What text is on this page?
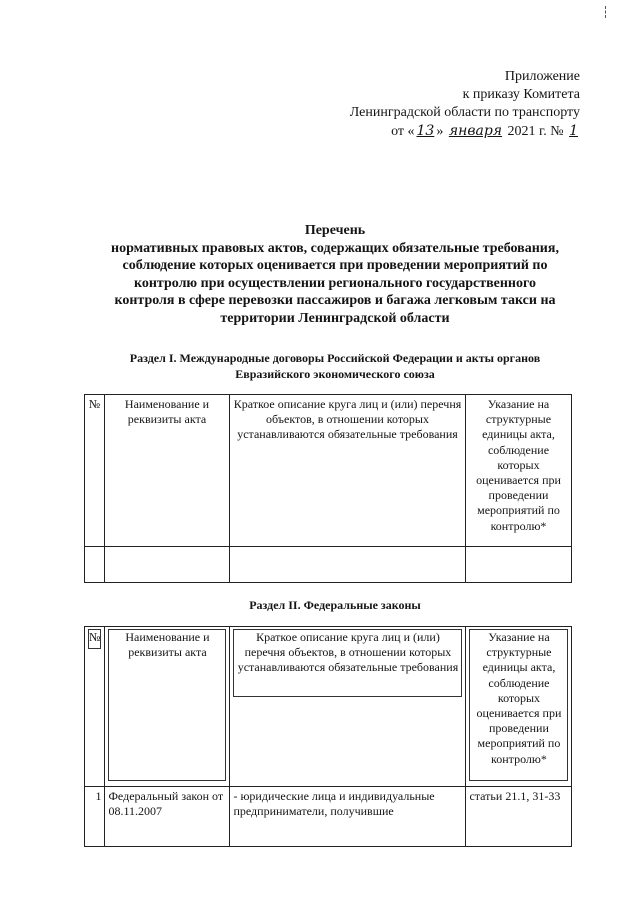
Приложение
к приказу Комитета
Ленинградской области по транспорту
от « 13 » января 2021 г. № 1
Перечень
нормативных правовых актов, содержащих обязательные требования,
соблюдение которых оценивается при проведении мероприятий по
контролю при осуществлении регионального государственного
контроля в сфере перевозки пассажиров и багажа легковым такси на
территории Ленинградской области
Раздел I. Международные договоры Российской Федерации и акты органов
Евразийского экономического союза
№	Наименование и реквизиты акта	Краткое описание круга лиц и (или) перечня объектов, в отношении которых устанавливаются обязательные требования	Указание на структурные единицы акта, соблюдение которых оценивается при проведении мероприятий по контролю*

Раздел II. Федеральные законы
№	Наименование и реквизиты акта	Краткое описание круга лиц и (или) перечня объектов, в отношении которых устанавливаются обязательные требования	Указание на структурные единицы акта, соблюдение которых оценивается при проведении мероприятий по контролю*

1	Федеральный закон от 08.11.2007	- юридические лица и индивидуальные предприниматели, получившие	статьи 21.1, 31-33
